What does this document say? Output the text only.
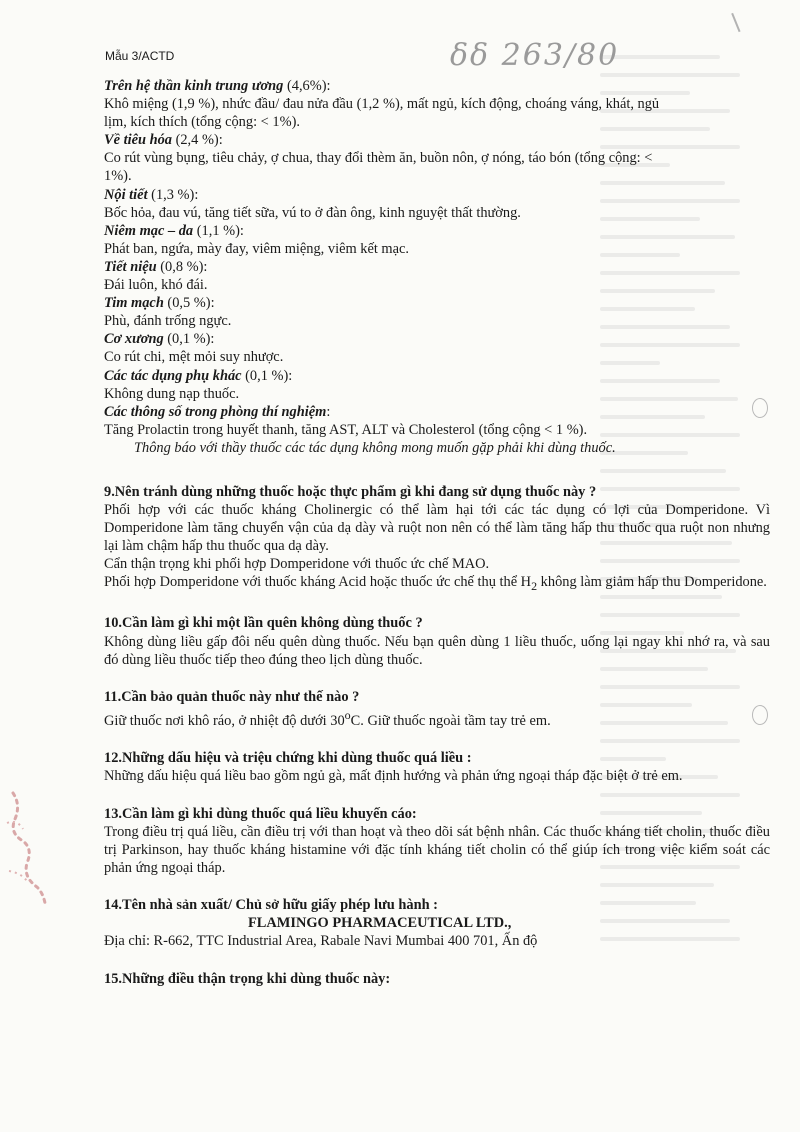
Mẫu 3/ACTD	δδ 263/80
Trên hệ thần kinh trung ương (4,6%):
Khô miệng (1,9 %), nhức đầu/ đau nửa đầu (1,2 %), mất ngủ, kích động, choáng váng, khát, ngủ
lịm, kích thích (tổng cộng: < 1%).
Về tiêu hóa (2,4 %):
Co rút vùng bụng, tiêu chảy, ợ chua, thay đổi thèm ăn, buồn nôn, ợ nóng, táo bón (tổng cộng: <
1%).
Nội tiết (1,3 %):
Bốc hỏa, đau vú, tăng tiết sữa, vú to ở đàn ông, kinh nguyệt thất thường.
Niêm mạc – da (1,1 %):
Phát ban, ngứa, mày đay, viêm miệng, viêm kết mạc.
Tiết niệu (0,8 %):
Đái luôn, khó đái.
Tim mạch (0,5 %):
Phù, đánh trống ngực.
Cơ xương (0,1 %):
Co rút chi, mệt mỏi suy nhược.
Các tác dụng phụ khác (0,1 %):
Không dung nạp thuốc.
Các thông số trong phòng thí nghiệm:
Tăng Prolactin trong huyết thanh, tăng AST, ALT và Cholesterol (tổng cộng < 1 %).
Thông báo với thầy thuốc các tác dụng không mong muốn gặp phải khi dùng thuốc.
9.Nên tránh dùng những thuốc hoặc thực phẩm gì khi đang sử dụng thuốc này ?
Phối hợp với các thuốc kháng Cholinergic có thể làm hại tới các tác dụng có lợi của Domperidone. Vì Domperidone làm tăng chuyển vận của dạ dày và ruột non nên có thể làm tăng hấp thu thuốc qua ruột non nhưng lại làm chậm hấp thu thuốc qua dạ dày.
Cẩn thận trọng khi phối hợp Domperidone với thuốc ức chế MAO.
Phối hợp Domperidone với thuốc kháng Acid hoặc thuốc ức chế thụ thể $H_2$ không làm giảm hấp thu Domperidone.
10.Cần làm gì khi một lần quên không dùng thuốc ?
Không dùng liều gấp đôi nếu quên dùng thuốc. Nếu bạn quên dùng 1 liều thuốc, uống lại ngay khi nhớ ra, và sau đó dùng liều thuốc tiếp theo đúng theo lịch dùng thuốc.
11.Cần bảo quản thuốc này như thế nào ?
Giữ thuốc nơi khô ráo, ở nhiệt độ dưới 30$^o$C. Giữ thuốc ngoài tầm tay trẻ em.
12.Những dấu hiệu và triệu chứng khi dùng thuốc quá liều :
Những dấu hiệu quá liều bao gồm ngủ gà, mất định hướng và phản ứng ngoại tháp đặc biệt ở trẻ em.
13.Cần làm gì khi dùng thuốc quá liều khuyến cáo:
Trong điều trị quá liều, cần điều trị với than hoạt và theo dõi sát bệnh nhân. Các thuốc kháng tiết cholin, thuốc điều trị Parkinson, hay thuốc kháng histamine với đặc tính kháng tiết cholin có thể giúp ích trong việc kiểm soát các phản ứng ngoại tháp.
14.Tên nhà sản xuất/ Chủ sở hữu giấy phép lưu hành :
FLAMINGO PHARMACEUTICAL LTD.,
Địa chỉ: R-662, TTC Industrial Area, Rabale Navi Mumbai 400 701, Ấn độ
15.Những điều thận trọng khi dùng thuốc này:
